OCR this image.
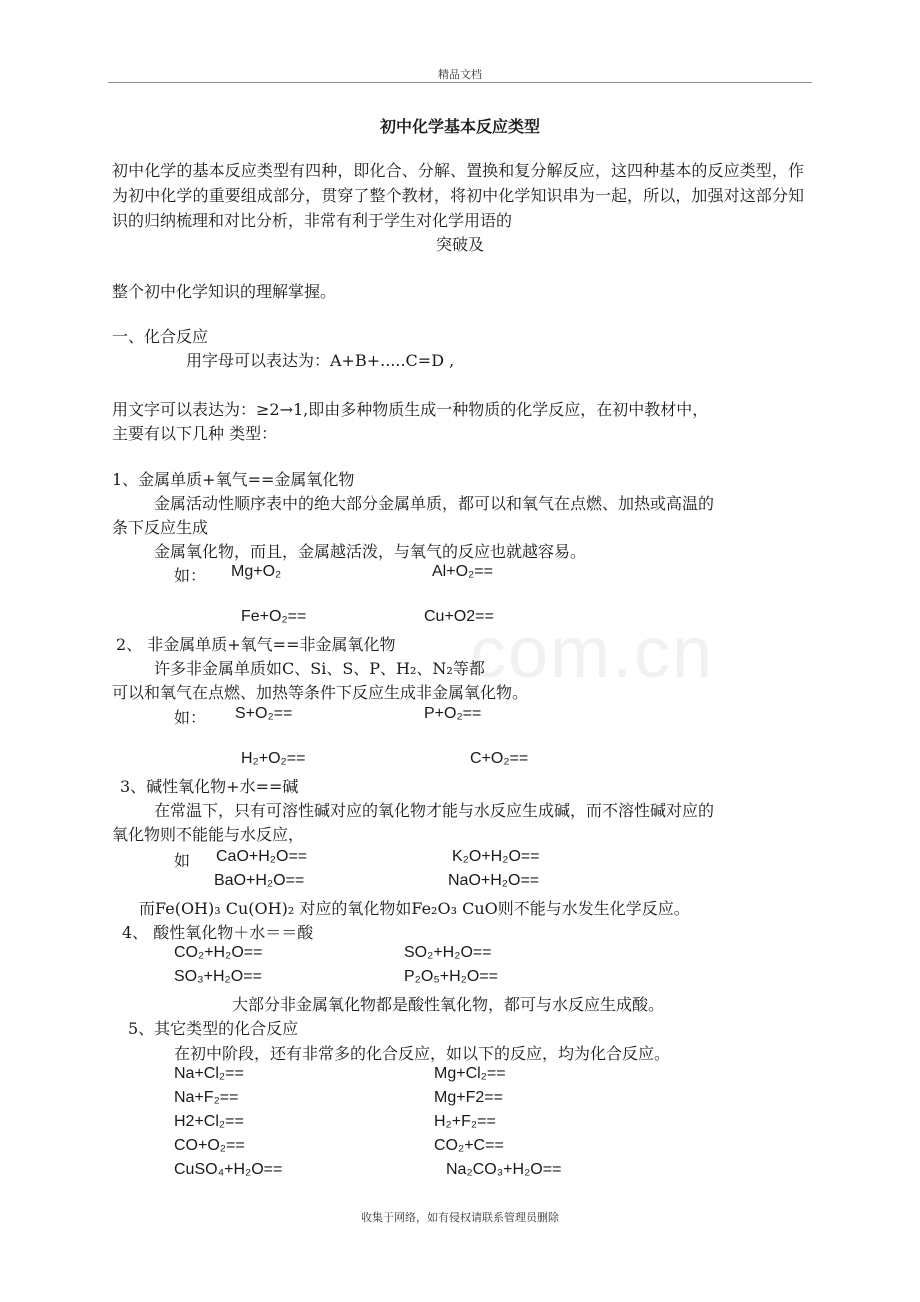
精品文档
com.cn
初中化学基本反应类型
初中化学的基本反应类型有四种，即化合、分解、置换和复分解反应，这四种基本的反应类型，作为初中化学的重要组成部分，贯穿了整个教材，将初中化学知识串为一起，所以，加强对这部分知识的归纳梳理和对比分析，非常有利于学生对化学用语的
突破及
整个初中化学知识的理解掌握。
一、化合反应
用字母可以表达为：A+B+.....C=D ,
用文字可以表达为：≥2→1,即由多种物质生成一种物质的化学反应，在初中教材中，
主要有以下几种 类型：
1、金属单质+氧气==金属氧化物
金属活动性顺序表中的绝大部分金属单质，都可以和氧气在点燃、加热或高温的
条下反应生成
金属氧化物，而且，金属越活泼，与氧气的反应也就越容易。
如： Mg+O₂	Al+O₂==
Fe+O₂==	Cu+O2==
2、 非金属单质+氧气==非金属氧化物
许多非金属单质如C、Si、S、P、H₂、N₂等都
可以和氧气在点燃、加热等条件下反应生成非金属氧化物。
如： S+O₂==	P+O₂==
H₂+O₂==	C+O₂==
3、碱性氧化物+水==碱
在常温下，只有可溶性碱对应的氧化物才能与水反应生成碱，而不溶性碱对应的
氧化物则不能能与水反应，
如 CaO+H₂O==	K₂O+H₂O==
BaO+H₂O==	NaO+H₂O==
而Fe(OH)₃ Cu(OH)₂ 对应的氧化物如Fe₂O₃ CuO则不能与水发生化学反应。
4、 酸性氧化物＋水＝＝酸
CO₂+H₂O==	SO₂+H₂O==
SO₃+H₂O==	P₂O₅+H₂O==
大部分非金属氧化物都是酸性氧化物，都可与水反应生成酸。
5、其它类型的化合反应
在初中阶段，还有非常多的化合反应，如以下的反应，均为化合反应。
Na+Cl₂==	Mg+Cl₂==
Na+F₂==	Mg+F2==
H2+Cl₂==	H₂+F₂==
CO+O₂==	CO₂+C==
CuSO₄+H₂O==	Na₂CO₃+H₂O==
收集于网络，如有侵权请联系管理员删除
